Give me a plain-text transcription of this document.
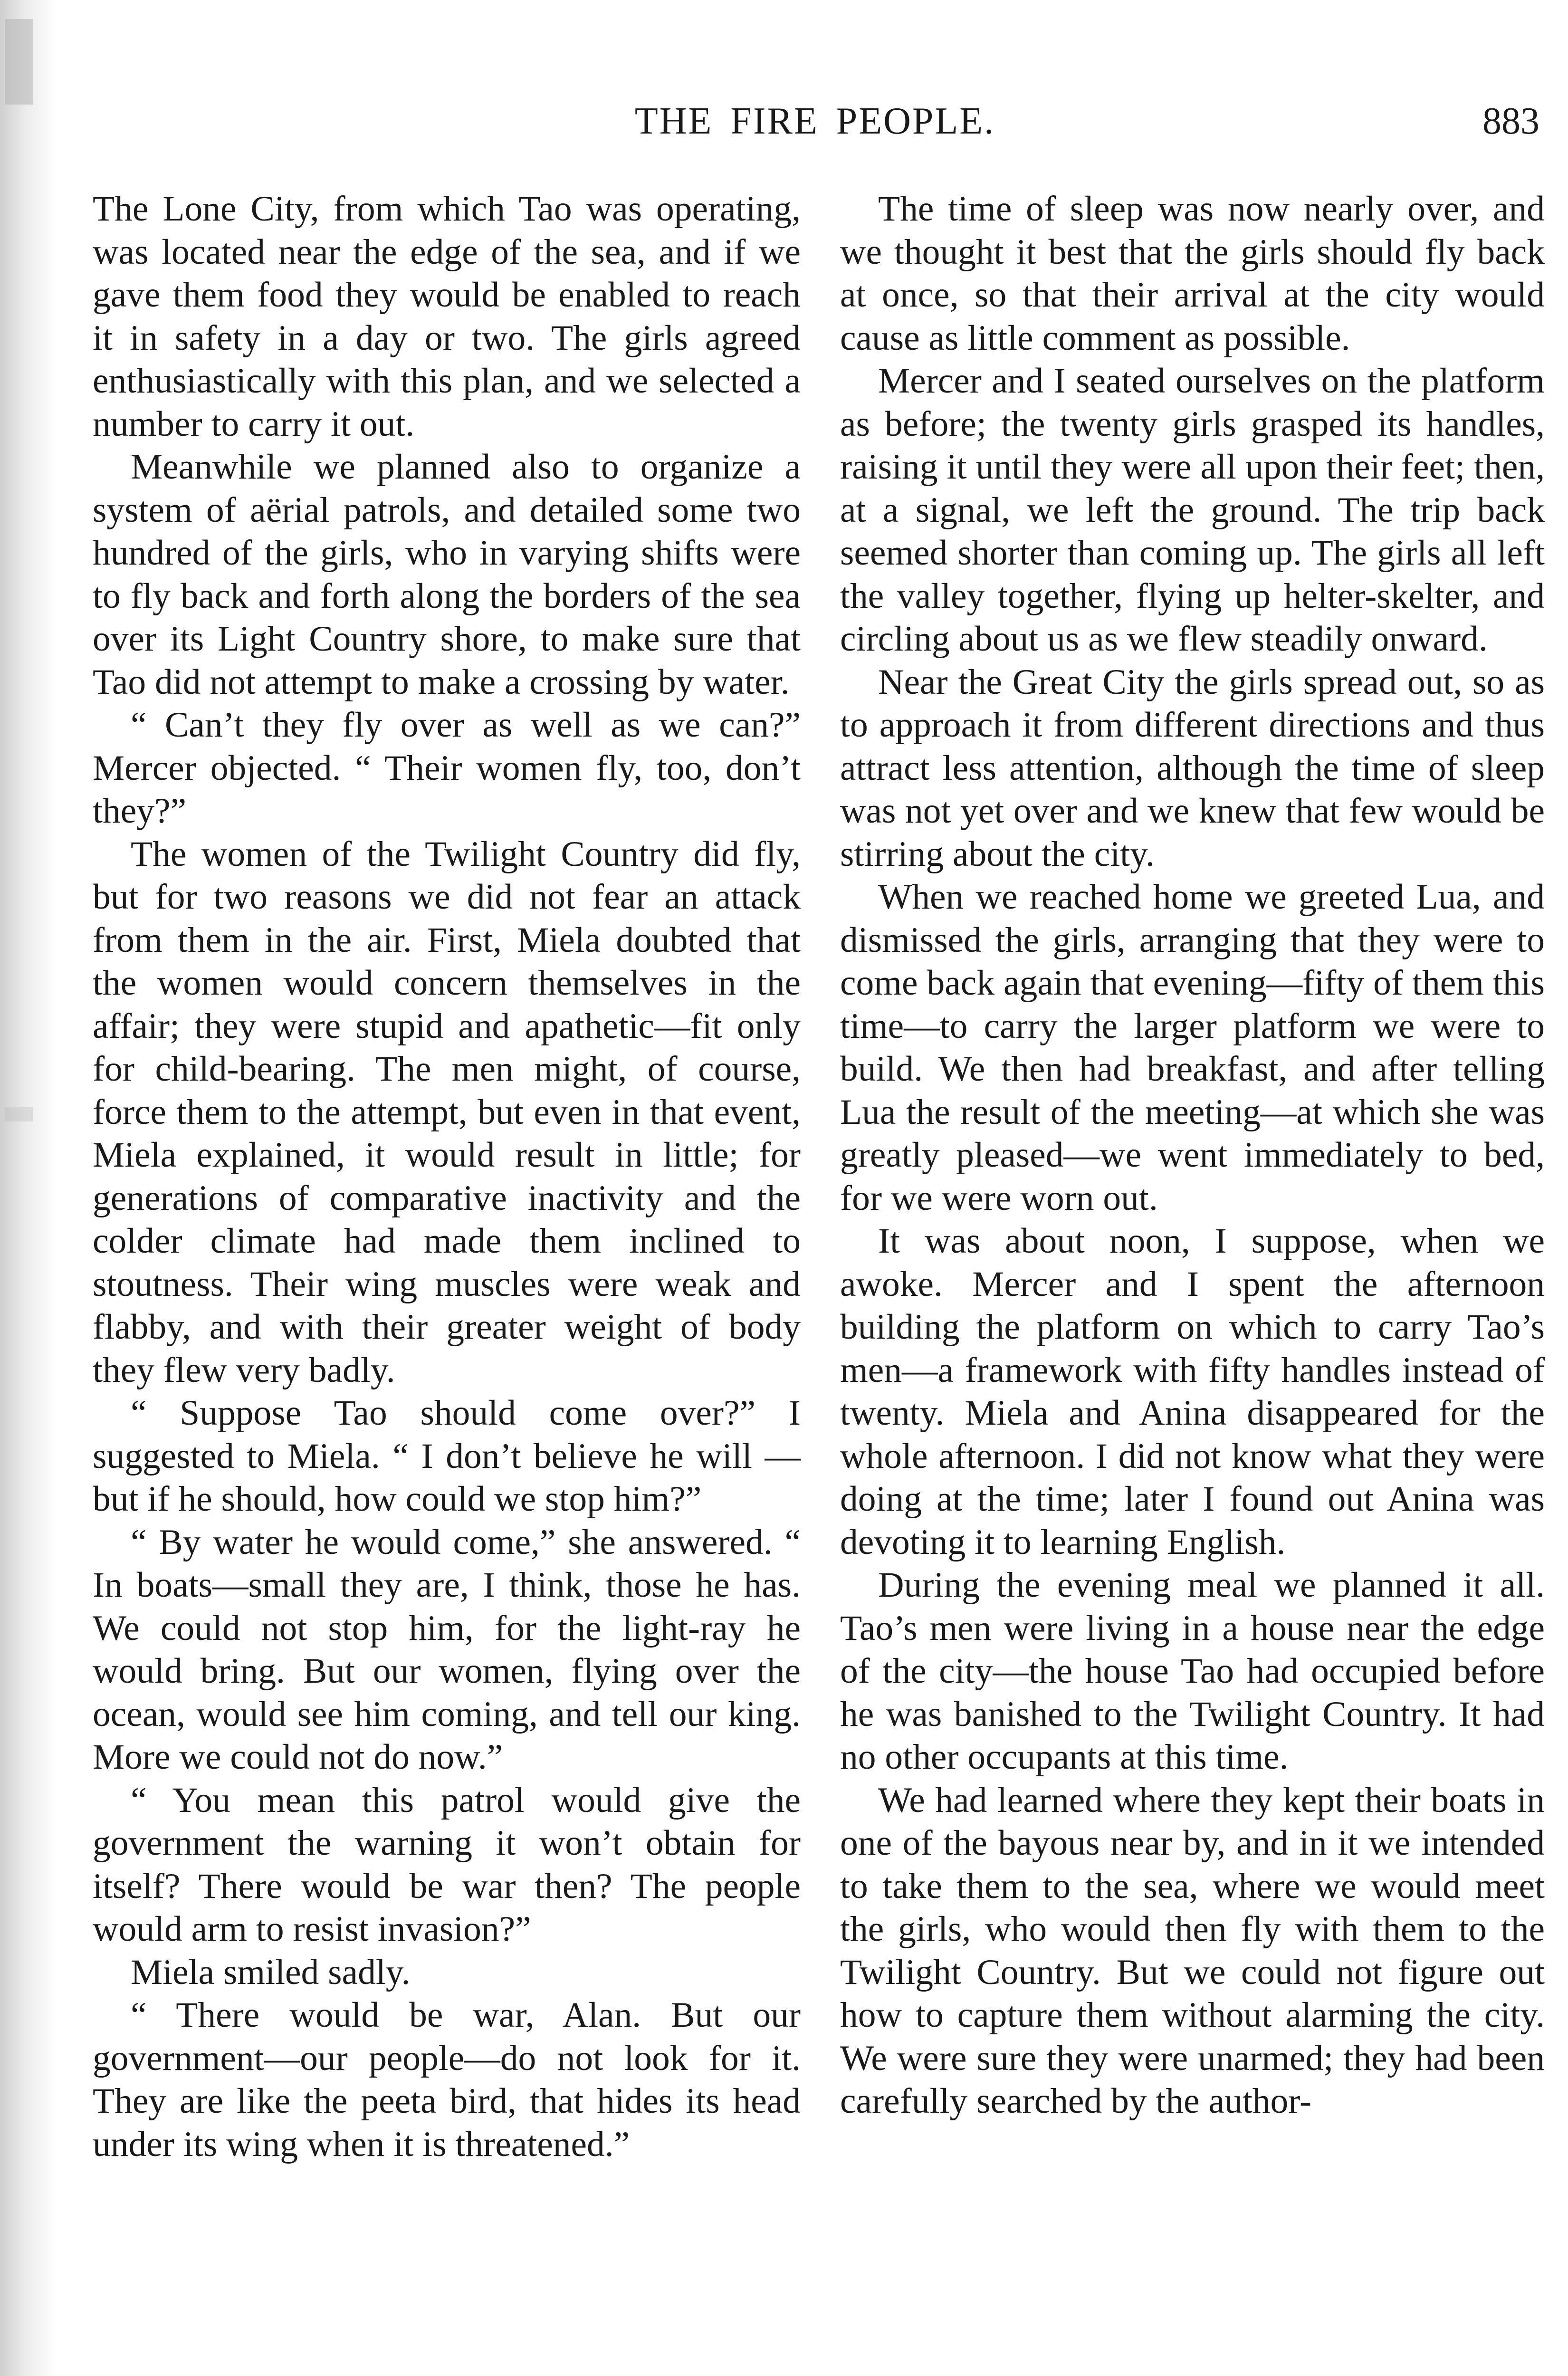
THE FIRE PEOPLE.	883

The Lone City, from which Tao was operating, was located near the edge of the sea, and if we gave them food they would be enabled to reach it in safety in a day or two. The girls agreed enthusiastically with this plan, and we selected a number to carry it out.

Meanwhile we planned also to organize a system of aërial patrols, and detailed some two hundred of the girls, who in varying shifts were to fly back and forth along the borders of the sea over its Light Country shore, to make sure that Tao did not attempt to make a crossing by water.

“ Can’t they fly over as well as we can?” Mercer objected. “ Their women fly, too, don’t they?”

The women of the Twilight Country did fly, but for two reasons we did not fear an attack from them in the air. First, Miela doubted that the women would concern themselves in the affair; they were stupid and apathetic—fit only for child-bearing. The men might, of course, force them to the attempt, but even in that event, Miela explained, it would result in little; for generations of comparative inactivity and the colder climate had made them inclined to stoutness. Their wing muscles were weak and flabby, and with their greater weight of body they flew very badly.

“ Suppose Tao should come over?” I suggested to Miela. “ I don’t believe he will —but if he should, how could we stop him?”

“ By water he would come,” she answered. “ In boats—small they are, I think, those he has. We could not stop him, for the light-ray he would bring. But our women, flying over the ocean, would see him coming, and tell our king. More we could not do now.”

“ You mean this patrol would give the government the warning it won’t obtain for itself? There would be war then? The people would arm to resist invasion?”

Miela smiled sadly.

“ There would be war, Alan. But our government—our people—do not look for it. They are like the peeta bird, that hides its head under its wing when it is threatened.”

The time of sleep was now nearly over, and we thought it best that the girls should fly back at once, so that their arrival at the city would cause as little comment as possible.

Mercer and I seated ourselves on the platform as before; the twenty girls grasped its handles, raising it until they were all upon their feet; then, at a signal, we left the ground. The trip back seemed shorter than coming up. The girls all left the valley together, flying up helter-skelter, and circling about us as we flew steadily onward.

Near the Great City the girls spread out, so as to approach it from different directions and thus attract less attention, although the time of sleep was not yet over and we knew that few would be stirring about the city.

When we reached home we greeted Lua, and dismissed the girls, arranging that they were to come back again that evening—fifty of them this time—to carry the larger platform we were to build. We then had breakfast, and after telling Lua the result of the meeting—at which she was greatly pleased—we went immediately to bed, for we were worn out.

It was about noon, I suppose, when we awoke. Mercer and I spent the afternoon building the platform on which to carry Tao’s men—a framework with fifty handles instead of twenty. Miela and Anina disappeared for the whole afternoon. I did not know what they were doing at the time; later I found out Anina was devoting it to learning English.

During the evening meal we planned it all. Tao’s men were living in a house near the edge of the city—the house Tao had occupied before he was banished to the Twilight Country. It had no other occupants at this time.

We had learned where they kept their boats in one of the bayous near by, and in it we intended to take them to the sea, where we would meet the girls, who would then fly with them to the Twilight Country. But we could not figure out how to capture them without alarming the city. We were sure they were unarmed; they had been carefully searched by the author-
